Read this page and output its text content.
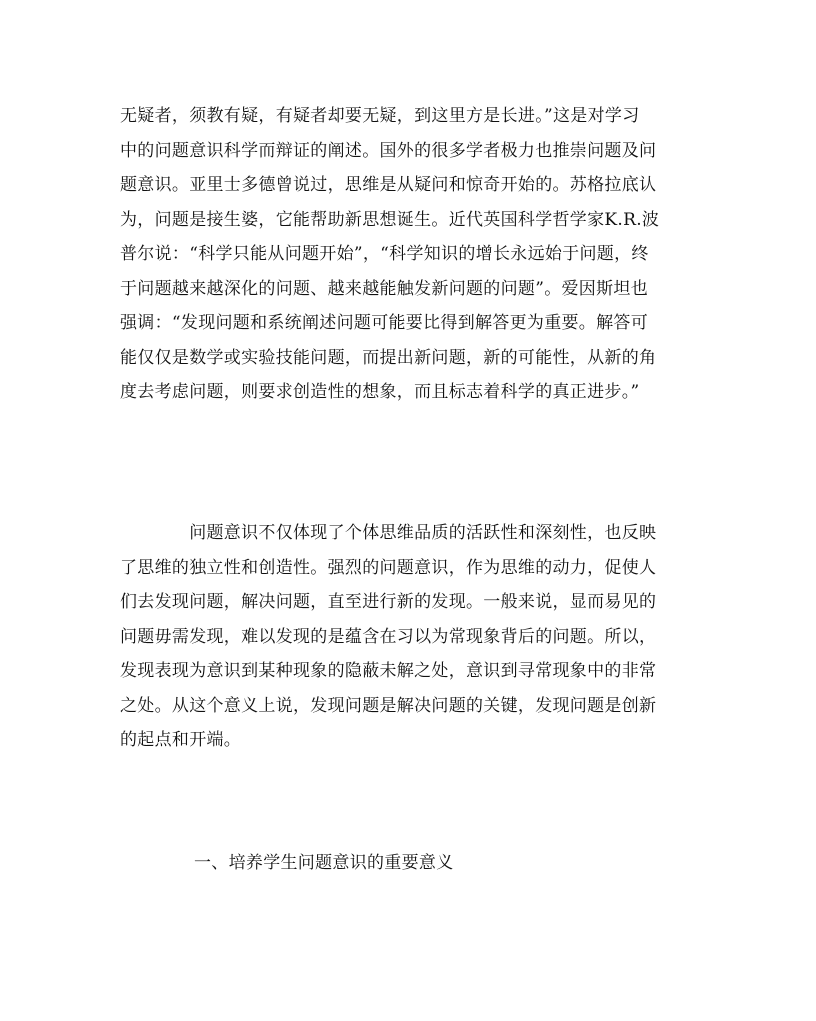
无疑者，须教有疑，有疑者却要无疑，到这里方是长进。”这是对学习
中的问题意识科学而辩证的阐述。国外的很多学者极力也推崇问题及问
题意识。亚里士多德曾说过，思维是从疑问和惊奇开始的。苏格拉底认
为，问题是接生婆，它能帮助新思想诞生。近代英国科学哲学家K.R.波
普尔说：“科学只能从问题开始”，“科学知识的增长永远始于问题，终
于问题越来越深化的问题、越来越能触发新问题的问题”。爱因斯坦也
强调：“发现问题和系统阐述问题可能要比得到解答更为重要。解答可
能仅仅是数学或实验技能问题，而提出新问题，新的可能性，从新的角
度去考虑问题，则要求创造性的想象，而且标志着科学的真正进步。”

　　　　问题意识不仅体现了个体思维品质的活跃性和深刻性，也反映
了思维的独立性和创造性。强烈的问题意识，作为思维的动力，促使人
们去发现问题，解决问题，直至进行新的发现。一般来说，显而易见的
问题毋需发现，难以发现的是蕴含在习以为常现象背后的问题。所以，
发现表现为意识到某种现象的隐蔽未解之处，意识到寻常现象中的非常
之处。从这个意义上说，发现问题是解决问题的关键，发现问题是创新
的起点和开端。

一、培养学生问题意识的重要意义
